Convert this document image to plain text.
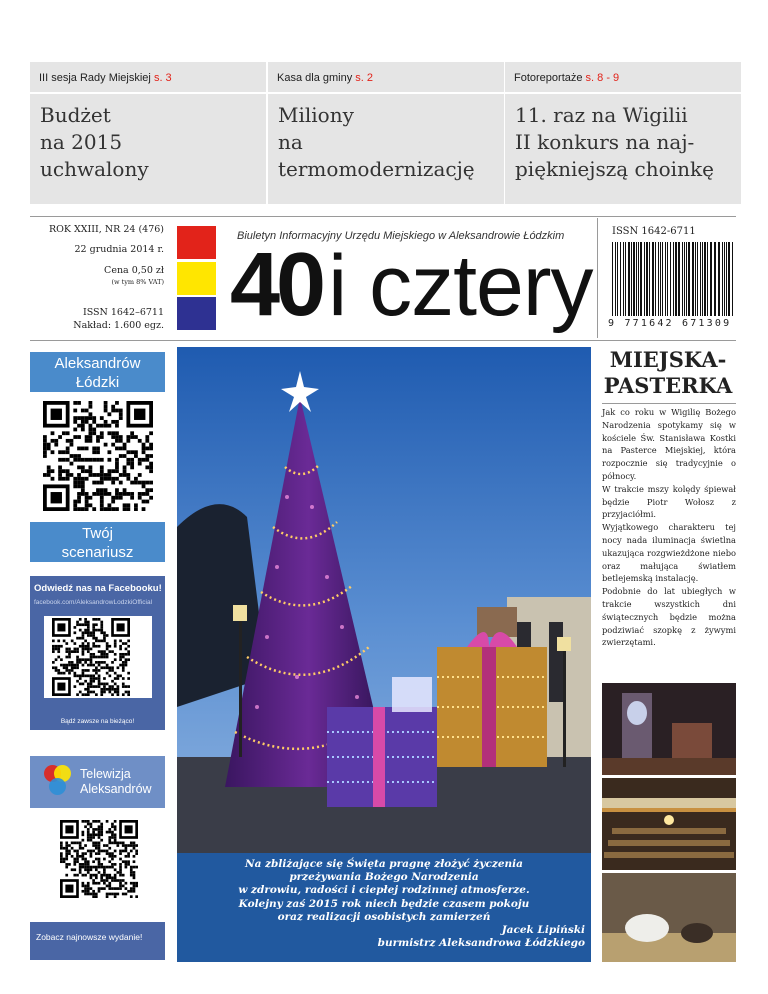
III sesja Rady Miejskiej s. 3
Budżet
na 2015
uchwalony
Kasa dla gminy s. 2
Miliony
na
termomodernizację
Fotoreportaże s. 8 - 9
11. raz na Wigilii
II konkurs na naj-
piękniejszą choinkę
ROK XXIII, NR 24 (476)
22 grudnia 2014 r.
Cena 0,50 zł
(w tym 8% VAT)
ISSN 1642–6711
Nakład: 1.600 egz.
Biuletyn Informacyjny Urzędu Miejskiego w Aleksandrowie Łódzkim
40i cztery
ISSN 1642-6711
9 771642 671309
Aleksandrów
Łódzki
Twój
scenariusz
Odwiedź nas na Facebooku!
facebook.com/AleksandrowLodzkiOfficial
Bądź zawsze na bieżąco!
Telewizja
Aleksandrów
Zobacz najnowsze wydanie!
Na zbliżające się Święta pragnę złożyć życzenia
przeżywania Bożego Narodzenia
w zdrowiu, radości i ciepłej rodzinnej atmosferze.
Kolejny zaś 2015 rok niech będzie czasem pokoju
oraz realizacji osobistych zamierzeń
Jacek Lipiński
burmistrz Aleksandrowa Łódzkiego
MIEJSKA-
PASTERKA

Jak co roku w Wigilię Bożego Narodzenia spotykamy się w kościele Św. Stanisława Kostki na Pasterce Miejskiej, która rozpocznie się tradycyjnie o północy.

W trakcie mszy kolędy śpiewał będzie Piotr Wołosz z przyjaciółmi.

Wyjątkowego charakteru tej nocy nada iluminacja świetlna ukazująca rozgwieżdżone niebo oraz małująca światłem betlejemską instalację.

Podobnie do lat ubiegłych w trakcie wszystkich dni świątecznych będzie można podziwiać szopkę z żywymi zwierzętami.
